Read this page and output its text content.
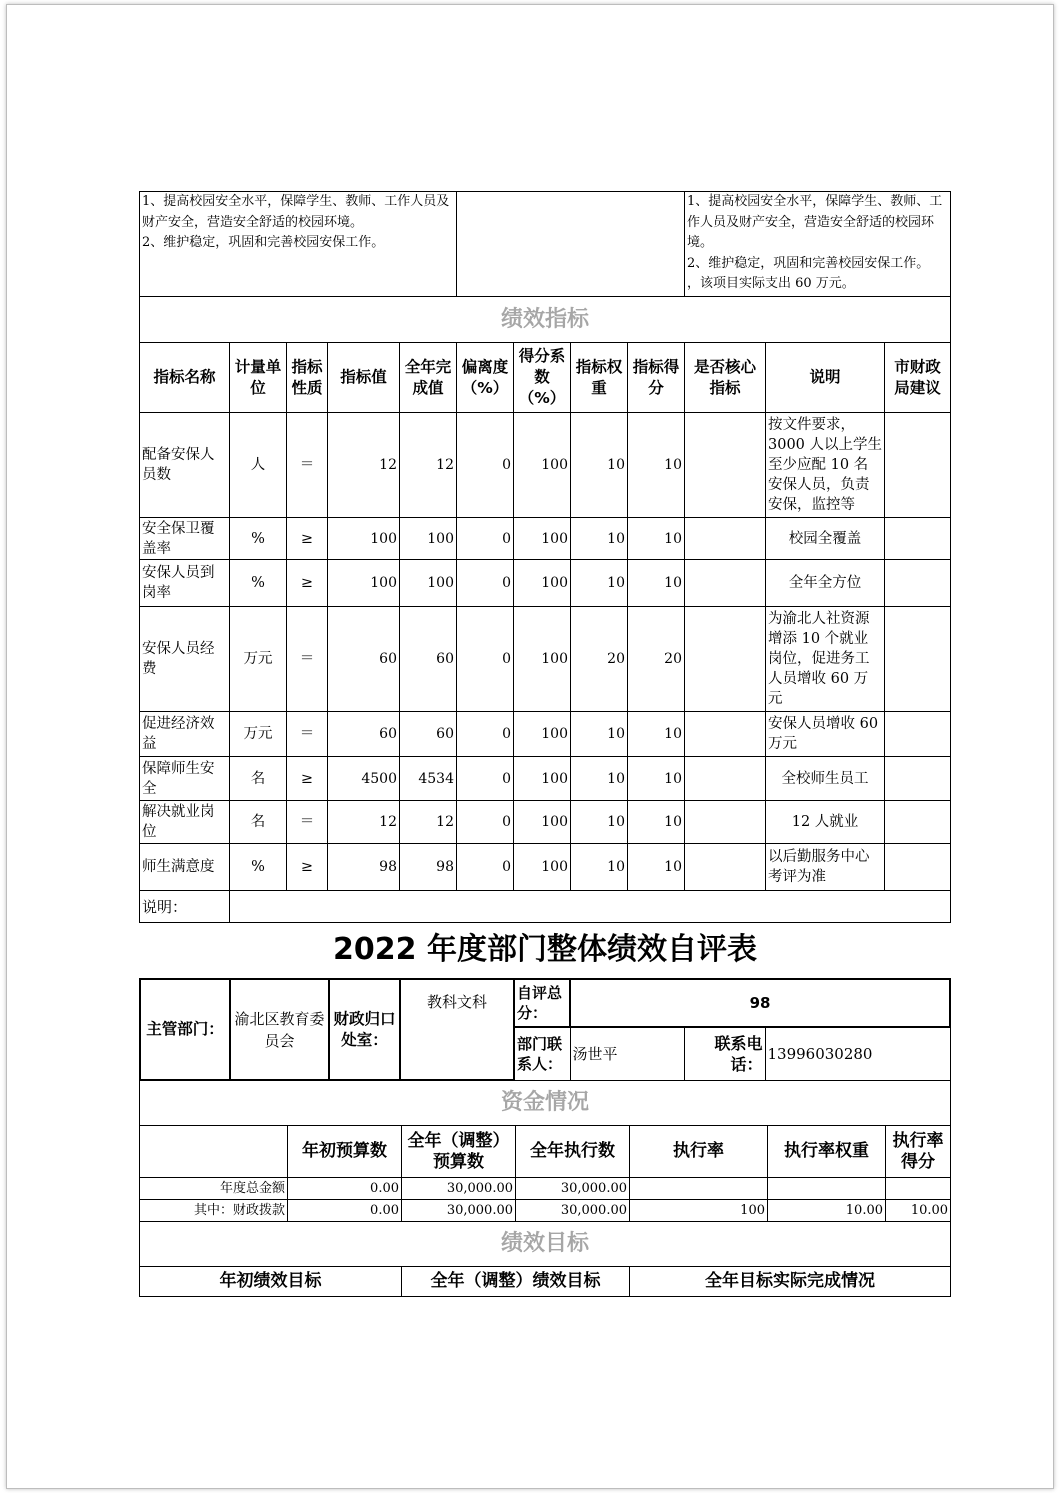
1、提高校园安全水平，保障学生、教师、工作人员及财产安全，营造安全舒适的校园环境。
2、维护稳定，巩固和完善校园安保工作。									1、提高校园安全水平，保障学生、教师、工作人员及财产安全，营造安全舒适的校园环境。
2、维护稳定，巩固和完善校园安保工作。
，该项目实际支出 60 万元。		
绩效指标											
指标名称	计量单位	指标性质	指标值	全年完成值	偏离度（%）	得分系数（%）	指标权重	指标得分	是否核心指标	说明	市财政局建议
配备安保人员数	人	＝	12	12	0	100	10	10		按文件要求，3000 人以上学生至少应配 10 名安保人员，负责安保，监控等	
安全保卫覆盖率	%	≥	100	100	0	100	10	10		校园全覆盖	
安保人员到岗率	%	≥	100	100	0	100	10	10		全年全方位	
安保人员经费	万元	＝	60	60	0	100	20	20		为渝北人社资源增添 10 个就业岗位，促进务工人员增收 60 万元	
促进经济效益	万元	＝	60	60	0	100	10	10		安保人员增收 60 万元	
保障师生安全	名	≥	4500	4534	0	100	10	10		全校师生员工	
解决就业岗位	名	＝	12	12	0	100	10	10		12 人就业	
师生满意度	%	≥	98	98	0	100	10	10		以后勤服务中心考评为准	
说明：											
2022 年度部门整体绩效自评表
主管部门：	渝北区教育委员会	财政归口处室：	教科文科	自评总分：	98		
				部门联系人：	汤世平	联系电话：	13996030280
资金情况						
	年初预算数	全年（调整）预算数	全年执行数	执行率	执行率权重	执行率得分
年度总金额	0.00	30,000.00	30,000.00			
其中：财政拨款	0.00	30,000.00	30,000.00	100	10.00	10.00
绩效目标						
年初绩效目标	全年（调整）绩效目标	全年目标实际完成情况
